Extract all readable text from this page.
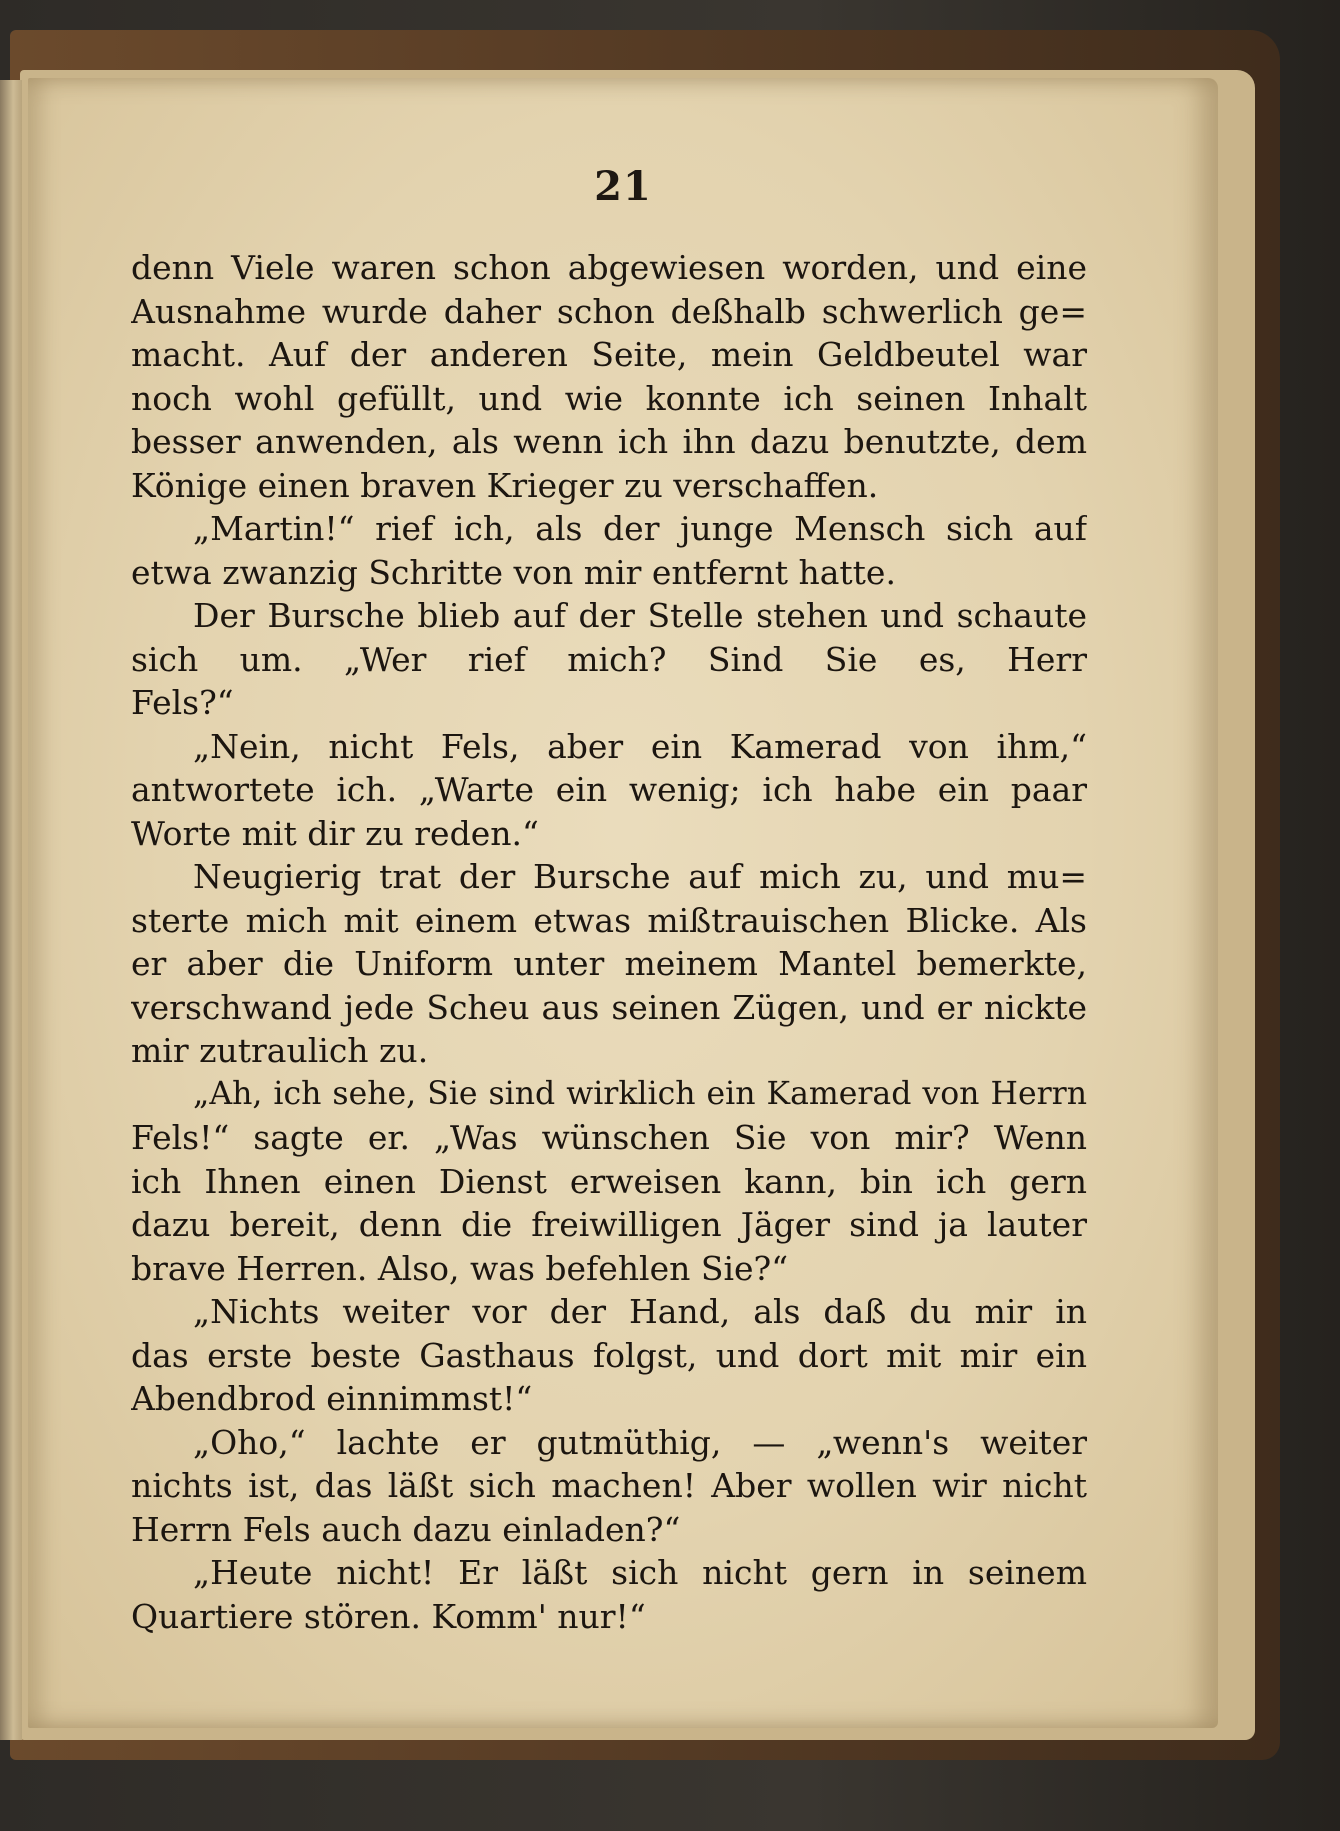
21
denn Viele waren schon abgewiesen worden, und eine
Ausnahme wurde daher schon deßhalb schwerlich ge=
macht. Auf der anderen Seite, mein Geldbeutel war
noch wohl gefüllt, und wie konnte ich seinen Inhalt
besser anwenden, als wenn ich ihn dazu benutzte, dem
Könige einen braven Krieger zu verschaffen.
„Martin!“ rief ich, als der junge Mensch sich auf
etwa zwanzig Schritte von mir entfernt hatte.
Der Bursche blieb auf der Stelle stehen und schaute
sich um. „Wer rief mich? Sind Sie es, Herr
Fels?“
„Nein, nicht Fels, aber ein Kamerad von ihm,“
antwortete ich. „Warte ein wenig; ich habe ein paar
Worte mit dir zu reden.“
Neugierig trat der Bursche auf mich zu, und mu=
sterte mich mit einem etwas mißtrauischen Blicke. Als
er aber die Uniform unter meinem Mantel bemerkte,
verschwand jede Scheu aus seinen Zügen, und er nickte
mir zutraulich zu.
„Ah, ich sehe, Sie sind wirklich ein Kamerad von Herrn
Fels!“ sagte er. „Was wünschen Sie von mir? Wenn
ich Ihnen einen Dienst erweisen kann, bin ich gern
dazu bereit, denn die freiwilligen Jäger sind ja lauter
brave Herren. Also, was befehlen Sie?“
„Nichts weiter vor der Hand, als daß du mir in
das erste beste Gasthaus folgst, und dort mit mir ein
Abendbrod einnimmst!“
„Oho,“ lachte er gutmüthig, — „wenn's weiter
nichts ist, das läßt sich machen! Aber wollen wir nicht
Herrn Fels auch dazu einladen?“
„Heute nicht! Er läßt sich nicht gern in seinem
Quartiere stören. Komm' nur!“
